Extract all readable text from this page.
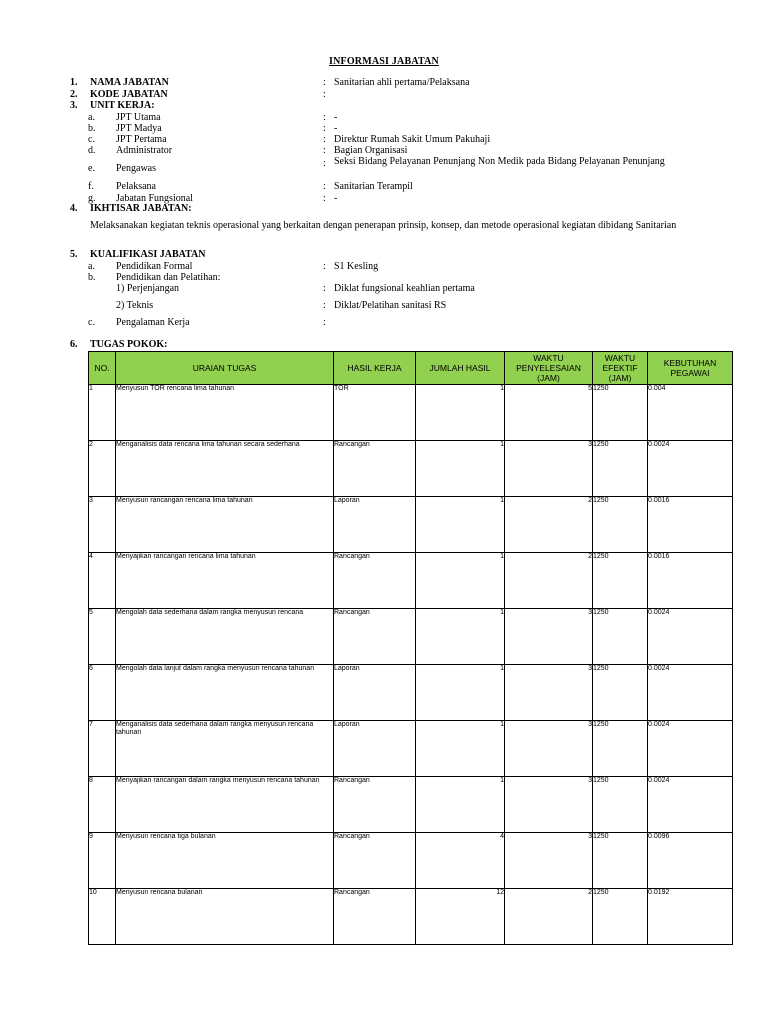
INFORMASI JABATAN
1. NAMA JABATAN	: Sanitarian ahli pertama/Pelaksana
2. KODE JABATAN	:
3. UNIT KERJA:
a. JPT Utama	: -
b. JPT Madya	: -
c. JPT Pertama	: Direktur Rumah Sakit Umum Pakuhaji
d. Administrator	: Bagian Organisasi
e. Pengawas	: Seksi Bidang Pelayanan Penunjang Non Medik pada Bidang Pelayanan Penunjang
f. Pelaksana	: Sanitarian Terampil
g. Jabatan Fungsional	: -
4. IKHTISAR JABATAN:
Melaksanakan kegiatan teknis operasional yang berkaitan dengan penerapan prinsip, konsep, dan metode operasional kegiatan dibidang Sanitarian
5. KUALIFIKASI JABATAN
a. Pendidikan Formal	: S1 Kesling
b. Pendidikan dan Pelatihan:
1) Perjenjangan	: Diklat fungsional keahlian pertama
2) Teknis	: Diklat/Pelatihan sanitasi RS
c. Pengalaman Kerja	:
6. TUGAS POKOK:
NO.	URAIAN TUGAS	HASIL KERJA	JUMLAH HASIL	WAKTU PENYELESAIAN (JAM)	WAKTU EFEKTIF (JAM)	KEBUTUHAN PEGAWAI
1	Menyusun TOR rencana lima tahunan	TOR	1	5	1250	0.004
2	Menganalisis data rencana lima tahunan secara sederhana	Rancangan	1	3	1250	0.0024
3	Menyusun rancangan rencana lima tahunan	Laporan	1	2	1250	0.0016
4	Menyajikan rancangan rencana lima tahunan	Rancangan	1	2	1250	0.0016
5	Mengolah data sederhana dalam rangka menyusun rencana	Rancangan	1	3	1250	0.0024
6	Mengolah data lanjut dalam rangka menyusun rencana tahunan	Laporan	1	3	1250	0.0024
7	Menganalisis data sederhana dalam rangka menyusun rencana tahunan	Laporan	1	3	1250	0.0024
8	Menyajikan rancangan dalam rangka menyusun rencana tahunan	Rancangan	1	3	1250	0.0024
9	Menyusun rencana tiga bulanan	Rancangan	4	3	1250	0.0096
10	Menyusun rencana bulanan	Rancangan	12	2	1250	0.0192
